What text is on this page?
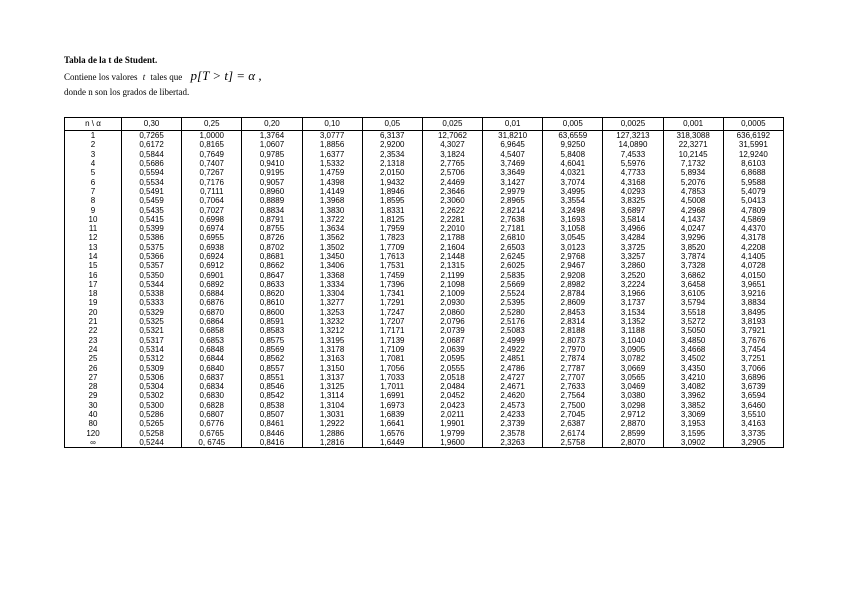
Tabla de la t de Student.
Contiene los valores t tales que p[T > t] = α ,
donde n son los grados de libertad.
n \ α	0,30	0,25	0,20	0,10	0,05	0,025	0,01	0,005	0,0025	0,001	0,0005
1	0,7265	1,0000	1,3764	3,0777	6,3137	12,7062	31,8210	63,6559	127,3213	318,3088	636,6192
2	0,6172	0,8165	1,0607	1,8856	2,9200	4,3027	6,9645	9,9250	14,0890	22,3271	31,5991
3	0,5844	0,7649	0,9785	1,6377	2,3534	3,1824	4,5407	5,8408	7,4533	10,2145	12,9240
4	0,5686	0,7407	0,9410	1,5332	2,1318	2,7765	3,7469	4,6041	5,5976	7,1732	8,6103
5	0,5594	0,7267	0,9195	1,4759	2,0150	2,5706	3,3649	4,0321	4,7733	5,8934	6,8688
6	0,5534	0,7176	0,9057	1,4398	1,9432	2,4469	3,1427	3,7074	4,3168	5,2076	5,9588
7	0,5491	0,7111	0,8960	1,4149	1,8946	2,3646	2,9979	3,4995	4,0293	4,7853	5,4079
8	0,5459	0,7064	0,8889	1,3968	1,8595	2,3060	2,8965	3,3554	3,8325	4,5008	5,0413
9	0,5435	0,7027	0,8834	1,3830	1,8331	2,2622	2,8214	3,2498	3,6897	4,2968	4,7809
10	0,5415	0,6998	0,8791	1,3722	1,8125	2,2281	2,7638	3,1693	3,5814	4,1437	4,5869
11	0,5399	0,6974	0,8755	1,3634	1,7959	2,2010	2,7181	3,1058	3,4966	4,0247	4,4370
12	0,5386	0,6955	0,8726	1,3562	1,7823	2,1788	2,6810	3,0545	3,4284	3,9296	4,3178
13	0,5375	0,6938	0,8702	1,3502	1,7709	2,1604	2,6503	3,0123	3,3725	3,8520	4,2208
14	0,5366	0,6924	0,8681	1,3450	1,7613	2,1448	2,6245	2,9768	3,3257	3,7874	4,1405
15	0,5357	0,6912	0,8662	1,3406	1,7531	2,1315	2,6025	2,9467	3,2860	3,7328	4,0728
16	0,5350	0,6901	0,8647	1,3368	1,7459	2,1199	2,5835	2,9208	3,2520	3,6862	4,0150
17	0,5344	0,6892	0,8633	1,3334	1,7396	2,1098	2,5669	2,8982	3,2224	3,6458	3,9651
18	0,5338	0,6884	0,8620	1,3304	1,7341	2,1009	2,5524	2,8784	3,1966	3,6105	3,9216
19	0,5333	0,6876	0,8610	1,3277	1,7291	2,0930	2,5395	2,8609	3,1737	3,5794	3,8834
20	0,5329	0,6870	0,8600	1,3253	1,7247	2,0860	2,5280	2,8453	3,1534	3,5518	3,8495
21	0,5325	0,6864	0,8591	1,3232	1,7207	2,0796	2,5176	2,8314	3,1352	3,5272	3,8193
22	0,5321	0,6858	0,8583	1,3212	1,7171	2,0739	2,5083	2,8188	3,1188	3,5050	3,7921
23	0,5317	0,6853	0,8575	1,3195	1,7139	2,0687	2,4999	2,8073	3,1040	3,4850	3,7676
24	0,5314	0,6848	0,8569	1,3178	1,7109	2,0639	2,4922	2,7970	3,0905	3,4668	3,7454
25	0,5312	0,6844	0,8562	1,3163	1,7081	2,0595	2,4851	2,7874	3,0782	3,4502	3,7251
26	0,5309	0,6840	0,8557	1,3150	1,7056	2,0555	2,4786	2,7787	3,0669	3,4350	3,7066
27	0,5306	0,6837	0,8551	1,3137	1,7033	2,0518	2,4727	2,7707	3,0565	3,4210	3,6896
28	0,5304	0,6834	0,8546	1,3125	1,7011	2,0484	2,4671	2,7633	3,0469	3,4082	3,6739
29	0,5302	0,6830	0,8542	1,3114	1,6991	2,0452	2,4620	2,7564	3,0380	3,3962	3,6594
30	0,5300	0,6828	0,8538	1,3104	1,6973	2,0423	2,4573	2,7500	3,0298	3,3852	3,6460
40	0,5286	0,6807	0,8507	1,3031	1,6839	2,0211	2,4233	2,7045	2,9712	3,3069	3,5510
80	0,5265	0,6776	0,8461	1,2922	1,6641	1,9901	2,3739	2,6387	2,8870	3,1953	3,4163
120	0,5258	0,6765	0,8446	1,2886	1,6576	1,9799	2,3578	2,6174	2,8599	3,1595	3,3735
∞	0,5244	0, 6745	0,8416	1,2816	1,6449	1,9600	2,3263	2,5758	2,8070	3,0902	3,2905
